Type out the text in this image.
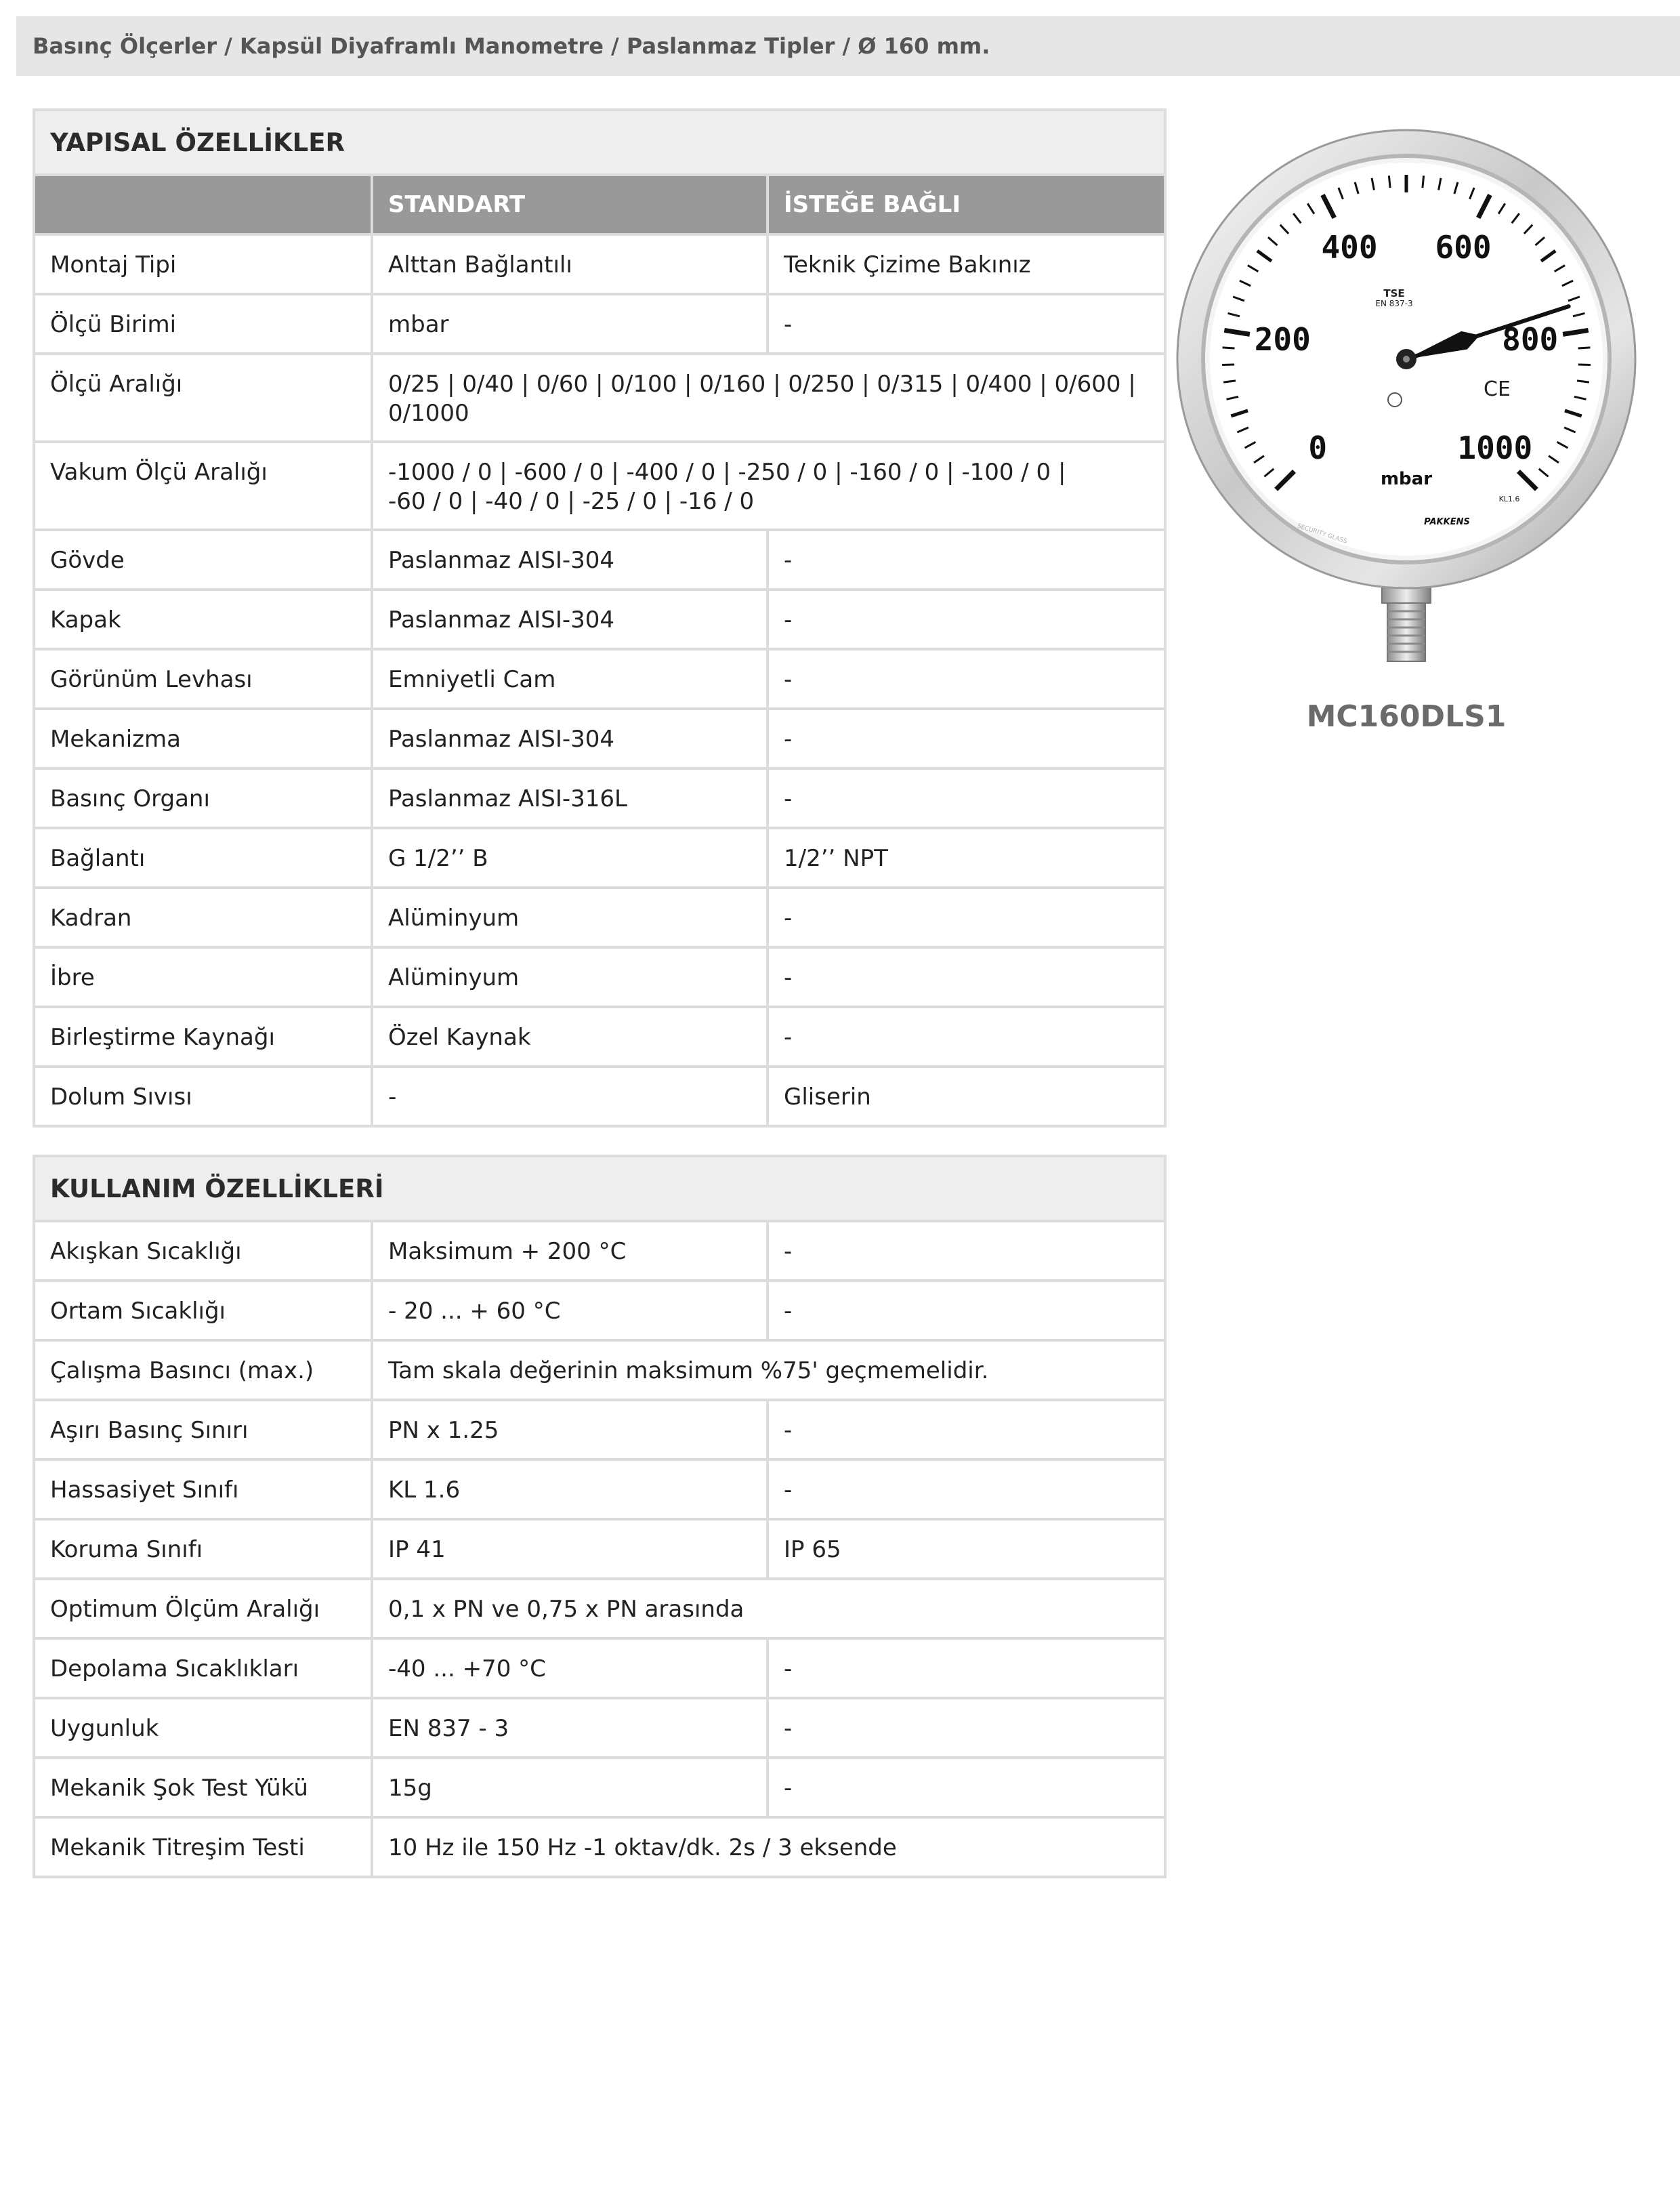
Basınç Ölçerler / Kapsül Diyaframlı Manometre / Paslanmaz Tipler / Ø 160 mm.
YAPISAL ÖZELLİKLER		
	STANDART	İSTEĞE BAĞLI
Montaj Tipi	Alttan Bağlantılı	Teknik Çizime Bakınız
Ölçü Birimi	mbar	-
Ölçü Aralığı	0/25 | 0/40 | 0/60 | 0/100 | 0/160 | 0/250 | 0/315 | 0/400 | 0/600 | 0/1000	
Vakum Ölçü Aralığı	-1000 / 0 | -600 / 0 | -400 / 0 | -250 / 0 | -160 / 0 | -100 / 0 | -60 / 0 | -40 / 0 | -25 / 0 | -16 / 0	
Gövde	Paslanmaz AISI-304	-
Kapak	Paslanmaz AISI-304	-
Görünüm Levhası	Emniyetli Cam	-
Mekanizma	Paslanmaz AISI-304	-
Basınç Organı	Paslanmaz AISI-316L	-
Bağlantı	G 1/2’’ B	1/2’’ NPT
Kadran	Alüminyum	-
İbre	Alüminyum	-
Birleştirme Kaynağı	Özel Kaynak	-
Dolum Sıvısı	-	Gliserin
KULLANIM ÖZELLİKLERİ		
Akışkan Sıcaklığı	Maksimum + 200 °C	-
Ortam Sıcaklığı	- 20 ... + 60 °C	-
Çalışma Basıncı (max.)	Tam skala değerinin maksimum %75' geçmemelidir.	
Aşırı Basınç Sınırı	PN x 1.25	-
Hassasiyet Sınıfı	KL 1.6	-
Koruma Sınıfı	IP 41	IP 65
Optimum Ölçüm Aralığı	0,1 x PN ve 0,75 x PN arasında	
Depolama Sıcaklıkları	-40 ... +70 °C	-
Uygunluk	EN 837 - 3	-
Mekanik Şok Test Yükü	15g	-
Mekanik Titreşim Testi	10 Hz ile 150 Hz -1 oktav/dk. 2s / 3 eksende	
0
200
400 600
800
1000
TSE
EN 837-3
CE
mbar
KL1.6
PAKKENS
SECURITY GLASS
MC160DLS1
